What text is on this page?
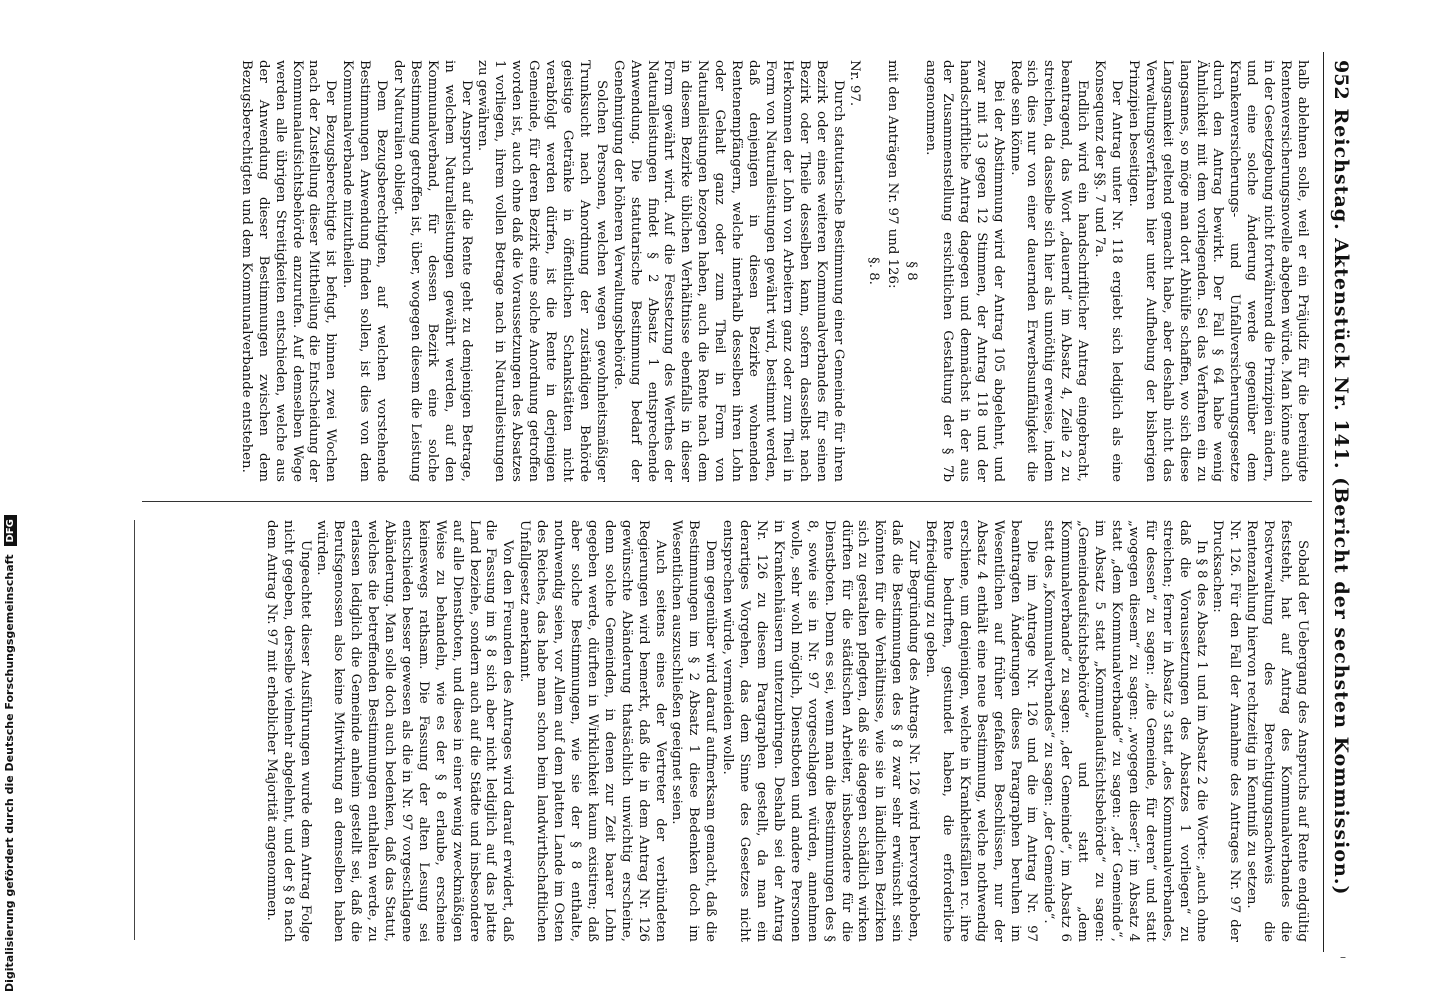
952
Reichstag. Aktenstück Nr. 141. (Bericht der sechsten Kommission.)

halb ablehnen solle, weil er ein Präjudiz für die bereinigte Rentenversicherungsnovelle abgeben würde. Man könne auch in der Gesetzgebung nicht fortwährend die Prinzipien ändern, und eine solche Änderung werde gegenüber dem Krankenversicherungs- und Unfallversicherungsgesetze durch den Antrag bewirkt. Der Fall § 64 habe wenig Ähnlichkeit mit dem vorliegenden. Sei das Verfahren ein zu langsames, so möge man dort Abhülfe schaffen, wo sich diese Langsamkeit geltend gemacht habe, aber deshalb nicht das Verwaltungsverfahren hier unter Aufhebung der bisherigen Prinzipien beseitigen.

Der Antrag unter Nr. 118 ergiebt sich lediglich als eine Konsequenz der §§. 7 und 7a.

Endlich wird ein handschriftlicher Antrag eingebracht, beantragend, das Wort „dauernd“ im Absatz 4, Zeile 2 zu streichen, da dasselbe sich hier als unnöthig erweise, indem sich dies nur von einer dauernden Erwerbsunfähigkeit die Rede sein könne.

Bei der Abstimmung wird der Antrag 105 abgelehnt, und zwar mit 13 gegen 12 Stimmen, der Antrag 118 und der handschriftliche Antrag dagegen und demnächst in der aus der Zusammenstellung ersichtlichen Gestaltung der § 7b angenommen.

§ 8

mit den Anträgen Nr. 97 und 126:

§. 8.

Nr. 97.

Durch statutarische Bestimmung einer Gemeinde für ihren Bezirk oder eines weiteren Kommunalverbandes für seinen Bezirk oder Theile desselben kann, sofern dasselbst nach Herkommen der Lohn von Arbeitern ganz oder zum Theil in Form von Naturalleistungen gewährt wird, bestimmt werden, daß denjenigen in diesen Bezirke wohnenden Rentenempfängern, welche innerhalb desselben ihren Lohn oder Gehalt ganz oder zum Theil in Form von Naturalleistungen bezogen haben, auch die Rente nach dem in diesem Bezirke üblichen Verhältnisse ebenfalls in dieser Form gewährt wird. Auf die Festsetzung des Werthes der Naturalleistungen findet § 2 Absatz 1 entsprechende Anwendung. Die statutarische Bestimmung bedarf der Genehmigung der höheren Verwaltungsbehörde.

Solchen Personen, welchen wegen gewohnheitsmäßiger Trunksucht nach Anordnung der zuständigen Behörde geistige Getränke in öffentlichen Schankstätten nicht verabfolgt werden dürfen, ist die Rente in derjenigen Gemeinde, für deren Bezirk eine solche Anordnung getroffen worden ist, auch ohne daß die Voraussetzungen des Absatzes 1 vorliegen, ihrem vollen Betrage nach in Naturalleistungen zu gewähren.

Der Anspruch auf die Rente geht zu demjenigen Betrage, in welchem Naturalleistungen gewährt werden, auf den Kommunalverband, für dessen Bezirk eine solche Bestimmung getroffen ist, über, wogegen diesem die Leistung der Naturalien obliegt.

Dem Bezugsberechtigten, auf welchen vorstehende Bestimmungen Anwendung finden sollen, ist dies von dem Kommunalverbande mitzutheilen.

Der Bezugsberechtigte ist befugt, binnen zwei Wochen nach der Zustellung dieser Mittheilung die Entscheidung der Kommunalaufsichtsbehörde anzurufen. Auf demselben Wege werden alle übrigen Streitigkeiten entschieden, welche aus der Anwendung dieser Bestimmungen zwischen dem Bezugsberechtigten und dem Kommunalverbande entstehen.

Sobald der Uebergang des Anspruchs auf Rente endgültig feststeht, hat auf Antrag des Kommunalverbandes die Postverwaltung des Berechtigungsnachweis die Rentenzahlung hiervon rechtzeitig in Kenntniß zu setzen.

Nr. 126. Für den Fall der Annahme des Antrages Nr. 97 der Drucksachen:

In § 8 des Absatz 1 und im Absatz 2 die Worte: „auch ohne daß die Voraussetzungen des Absatzes 1 vorliegen“ zu streichen; ferner in Absatz 3 statt „des Kommunalverbandes, für dessen“ zu sagen: „die Gemeinde, für deren“ und statt „wogegen diesem“ zu sagen: „wogegen dieser“; im Absatz 4 statt „dem Kommunalverbande“ zu sagen: „der Gemeinde“, im Absatz 5 statt „Kommunalaufsichtsbehörde“ zu sagen: „Gemeindeaufsichtsbehörde“ und statt „dem Kommunalverbande“ zu sagen: „der Gemeinde“, im Absatz 6 statt des „Kommunalverbandes“ zu sagen: „der Gemeinde“.

Die im Antrage Nr. 126 und die im Antrag Nr. 97 beantragten Änderungen dieses Paragraphen beruhen im Wesentlichen auf früher gefaßten Beschlüssen, nur der Absatz 4 enthält eine neue Bestimmung, welche nothwendig erschiene, um denjenigen, welche in Krankheitsfällen rc. ihre Rente bedurften, gestundet haben, die erforderliche Befriedigung zu geben.

Zur Begründung des Antrags Nr. 126 wird hervorgehoben, daß die Bestimmungen des § 8 zwar sehr erwünscht sein könnten für die Verhältnisse, wie sie in ländlichen Bezirken sich zu gestalten pflegten, daß sie dagegen schädlich wirken dürften für die städtischen Arbeiter, insbesondere für die Dienstboten. Denn es sei, wenn man die Bestimmungen des § 8, sowie sie in Nr. 97 vorgeschlagen würden, annehmen wolle, sehr wohl möglich, Dienstboten und andere Personen in Krankenhäusern unterzubringen. Deshalb sei der Antrag Nr. 126 zu diesem Paragraphen gestellt, da man ein derartiges Vorgehen, das dem Sinne des Gesetzes nicht entsprechen würde, vermeiden wolle.

Dem gegenüber wird darauf aufmerksam gemacht, daß die Bestimmungen im § 2 Absatz 1 diese Bedenken doch im Wesentlichen auszuschließen geeignet seien.

Auch seitens eines der Vertreter der verbündeten Regierungen wird bemerkt, daß die in dem Antrag Nr. 126 gewünschte Abänderung thatsächlich unwichtig erscheine, denn solche Gemeinden, in denen zur Zeit baarer Lohn gegeben werde, dürften in Wirklichkeit kaum existiren; daß aber solche Bestimmungen, wie sie der § 8 enthalte, nothwendig seien, vor Allem auf dem platten Lande im Osten des Reiches, das habe man schon beim landwirthschaftlichen Unfallgesetz anerkannt.

Von den Freunden des Antrages wird darauf erwidert, daß die Fassung im § 8 sich aber nicht lediglich auf das platte Land beziehe, sondern auch auf die Städte und insbesondere auf alle Dienstboten, und diese in einer wenig zweckmäßigen Weise zu behandeln, wie es der § 8 erlaube, erscheine keineswegs rathsam. Die Fassung der alten Lesung sei entschieden besser gewesen als die in Nr. 97 vorgeschlagene Abänderung. Man solle doch auch bedenken, daß das Statut, welches die betreffenden Bestimmungen enthalten werde, zu erlassen lediglich die Gemeinde anheim gestellt sei, daß die Berufsgenossen also keine Mitwirkung an demselben haben würden.

Ungeachtet dieser Ausführungen wurde dem Antrag Folge nicht gegeben, derselbe vielmehr abgelehnt, und der § 8 nach dem Antrag Nr. 97 mit erheblicher Majorität angenommen.

–
Digitalisierung gefördert durch die Deutsche Forschungsgemeinschaft DFG
